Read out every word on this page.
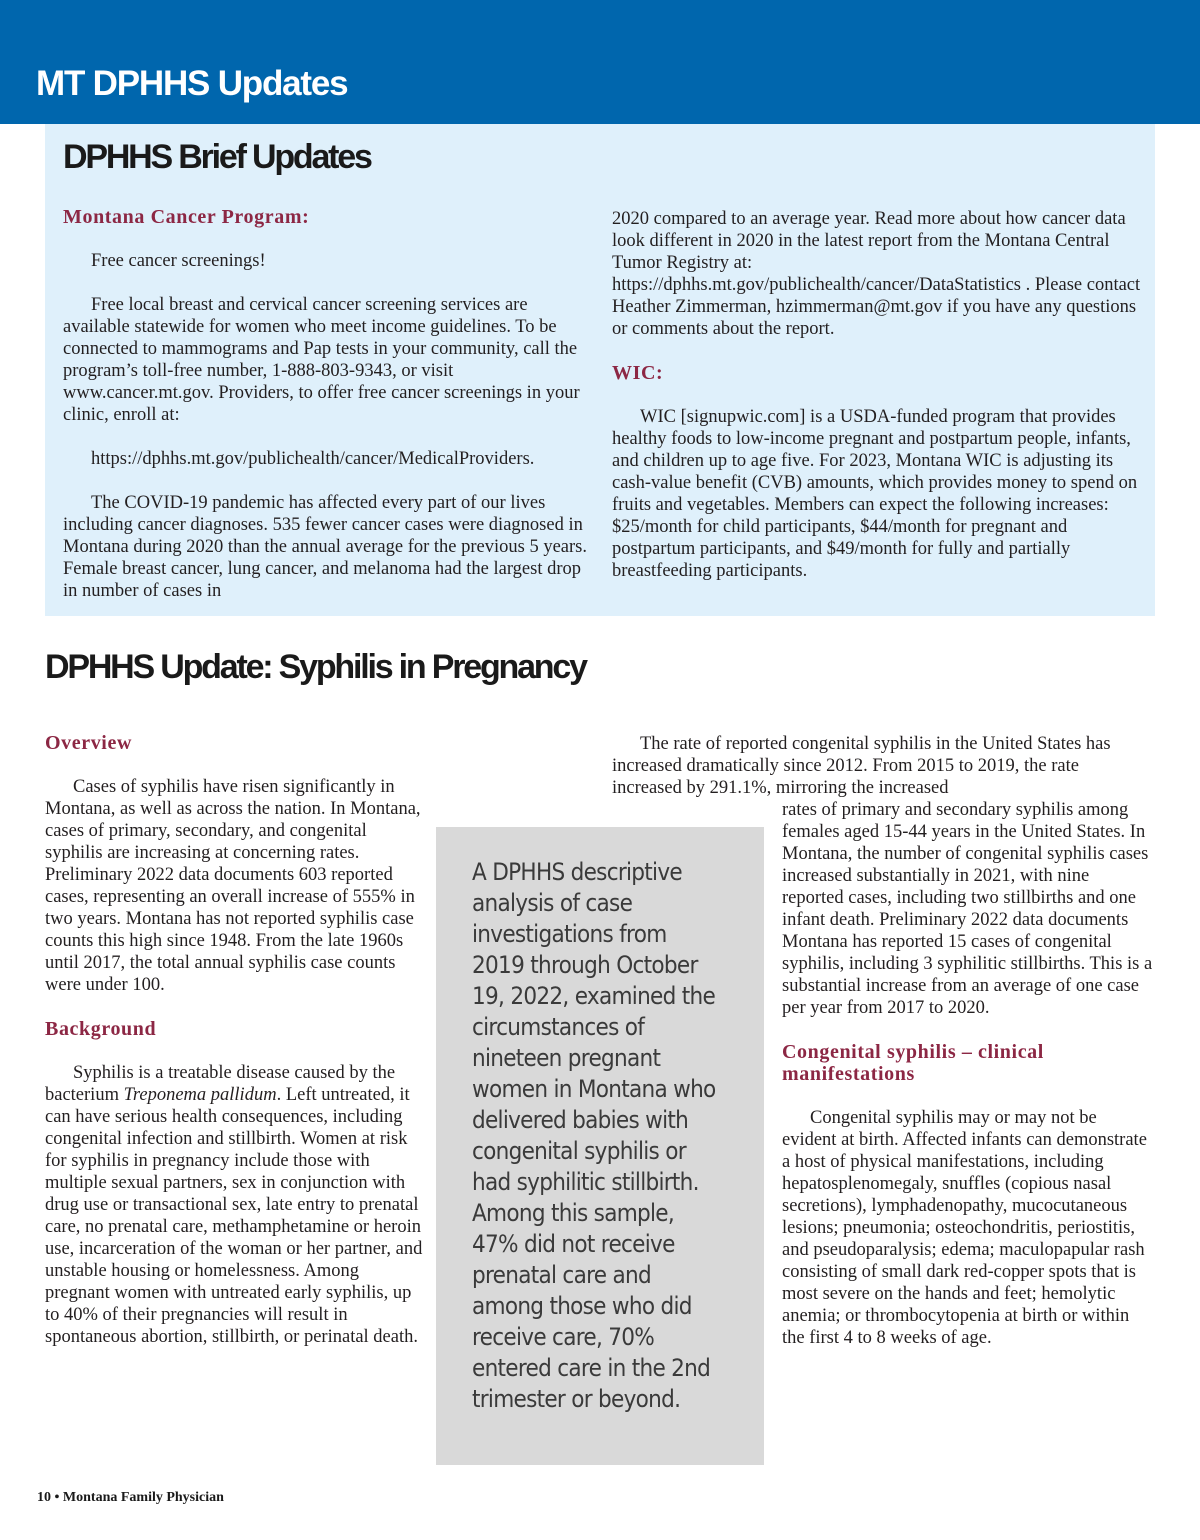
MT DPHHS Updates
DPHHS Brief Updates

Montana Cancer Program:

Free cancer screenings!

Free local breast and cervical cancer screening services are available statewide for women who meet income guidelines. To be connected to mammograms and Pap tests in your community, call the program’s toll-free number, 1-888-803-9343, or visit www.cancer.mt.gov. Providers, to offer free cancer screenings in your clinic, enroll at:

https://dphhs.mt.gov/publichealth/cancer/MedicalProviders.

The COVID-19 pandemic has affected every part of our lives including cancer diagnoses. 535 fewer cancer cases were diagnosed in Montana during 2020 than the annual average for the previous 5 years. Female breast cancer, lung cancer, and melanoma had the largest drop in number of cases in

2020 compared to an average year. Read more about how cancer data look different in 2020 in the latest report from the Montana Central Tumor Registry at: https://dphhs.mt.gov/publichealth/cancer/DataStatistics . Please contact Heather Zimmerman, hzimmerman@mt.gov if you have any questions or comments about the report.

WIC:

WIC [signupwic.com] is a USDA-funded program that provides healthy foods to low-income pregnant and postpartum people, infants, and children up to age five. For 2023, Montana WIC is adjusting its cash-value benefit (CVB) amounts, which provides money to spend on fruits and vegetables. Members can expect the following increases: $25/month for child participants, $44/month for pregnant and postpartum participants, and $49/month for fully and partially breastfeeding participants.

DPHHS Update: Syphilis in Pregnancy

Overview

Cases of syphilis have risen significantly in Montana, as well as across the nation. In Montana, cases of primary, secondary, and congenital syphilis are increasing at concerning rates. Preliminary 2022 data documents 603 reported cases, representing an overall increase of 555% in two years. Montana has not reported syphilis case counts this high since 1948. From the late 1960s until 2017, the total annual syphilis case counts were under 100.

Background

Syphilis is a treatable disease caused by the bacterium Treponema pallidum. Left untreated, it can have serious health consequences, including congenital infection and stillbirth. Women at risk for syphilis in pregnancy include those with multiple sexual partners, sex in conjunction with drug use or transactional sex, late entry to prenatal care, no prenatal care, methamphetamine or heroin use, incarceration of the woman or her partner, and unstable housing or homelessness. Among pregnant women with untreated early syphilis, up to 40% of their pregnancies will result in spontaneous abortion, stillbirth, or perinatal death.

A DPHHS descriptive analysis of case investigations from 2019 through October 19, 2022, examined the circumstances of nineteen pregnant women in Montana who delivered babies with congenital syphilis or had syphilitic stillbirth. Among this sample, 47% did not receive prenatal care and among those who did receive care, 70% entered care in the 2nd trimester or beyond.

The rate of reported congenital syphilis in the United States has increased dramatically since 2012. From 2015 to 2019, the rate increased by 291.1%, mirroring the increased

rates of primary and secondary syphilis among females aged 15-44 years in the United States. In Montana, the number of congenital syphilis cases increased substantially in 2021, with nine reported cases, including two stillbirths and one infant death. Preliminary 2022 data documents Montana has reported 15 cases of congenital syphilis, including 3 syphilitic stillbirths. This is a substantial increase from an average of one case per year from 2017 to 2020.

Congenital syphilis – clinical manifestations

Congenital syphilis may or may not be evident at birth. Affected infants can demonstrate a host of physical manifestations, including hepatosplenomegaly, snuffles (copious nasal secretions), lymphadenopathy, mucocutaneous lesions; pneumonia; osteochondritis, periostitis, and pseudoparalysis; edema; maculopapular rash consisting of small dark red-copper spots that is most severe on the hands and feet; hemolytic anemia; or thrombocytopenia at birth or within the first 4 to 8 weeks of age.

10 • Montana Family Physician
